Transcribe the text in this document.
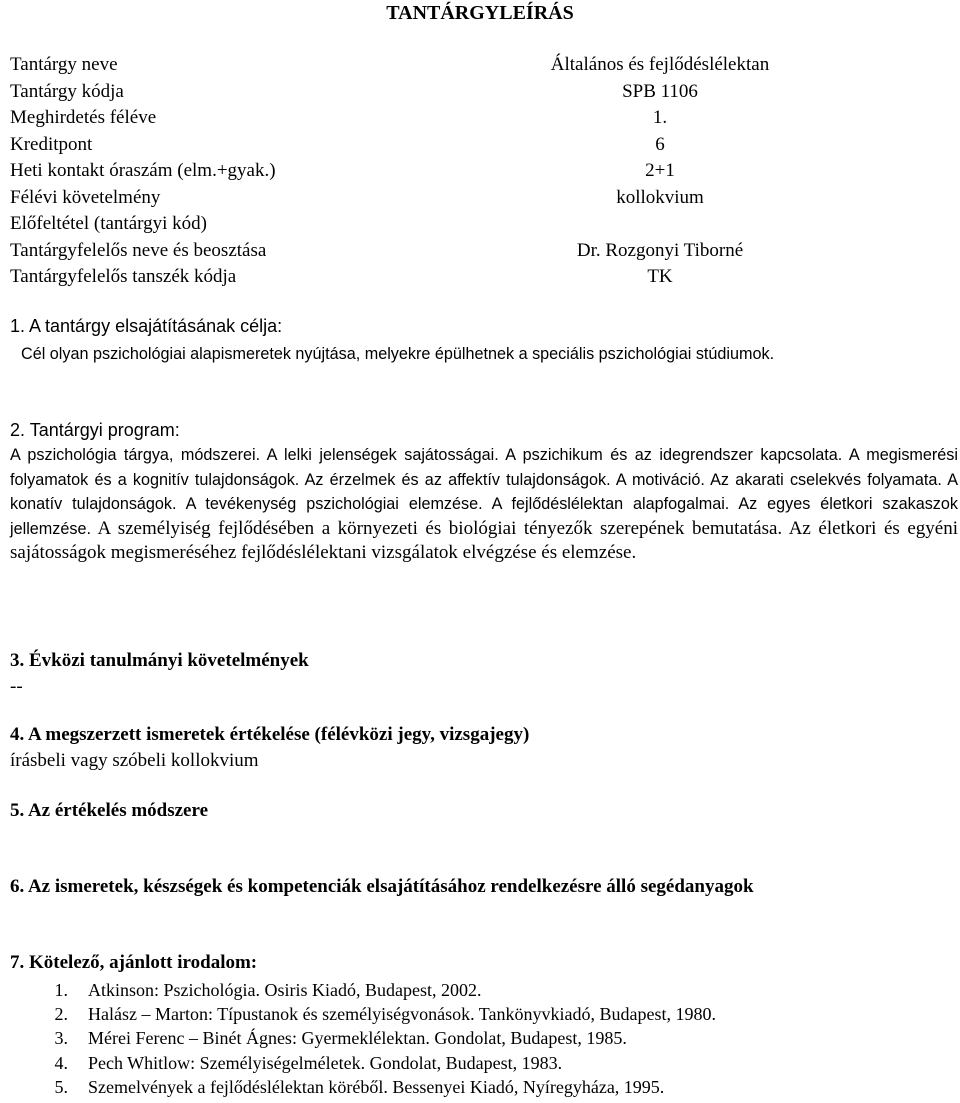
TANTÁRGYLEÍRÁS
Tantárgy neve	Általános és fejlődéslélektan
Tantárgy kódja	SPB 1106
Meghirdetés féléve	1.
Kreditpont	6
Heti kontakt óraszám (elm.+gyak.)	2+1
Félévi követelmény	kollokvium
Előfeltétel (tantárgyi kód)
Tantárgyfelelős neve és beosztása	Dr. Rozgonyi Tiborné
Tantárgyfelelős tanszék kódja	TK
1. A tantárgy elsajátításának célja:
Cél olyan pszichológiai alapismeretek nyújtása, melyekre épülhetnek a speciális pszichológiai stúdiumok.
2. Tantárgyi program:
A pszichológia tárgya, módszerei. A lelki jelenségek sajátosságai. A pszichikum és az idegrendszer kapcsolata. A megismerési folyamatok és a kognitív tulajdonságok. Az érzelmek és az affektív tulajdonságok. A motiváció. Az akarati cselekvés folyamata. A konatív tulajdonságok. A tevékenység pszichológiai elemzése. A fejlődéslélektan alapfogalmai. Az egyes életkori szakaszok jellemzése. A személyiség fejlődésében a környezeti és biológiai tényezők szerepének bemutatása. Az életkori és egyéni sajátosságok megismeréséhez fejlődéslélektani vizsgálatok elvégzése és elemzése.
3. Évközi tanulmányi követelmények
--
4. A megszerzett ismeretek értékelése (félévközi jegy, vizsgajegy)
írásbeli vagy szóbeli kollokvium
5. Az értékelés módszere
6. Az ismeretek, készségek és kompetenciák elsajátításához rendelkezésre álló segédanyagok
7. Kötelező, ajánlott irodalom:
1. Atkinson: Pszichológia. Osiris Kiadó, Budapest, 2002.
2. Halász – Marton: Típustanok és személyiségvonások. Tankönyvkiadó, Budapest, 1980.
3. Mérei Ferenc – Binét Ágnes: Gyermeklélektan. Gondolat, Budapest, 1985.
4. Pech Whitlow: Személyiségelméletek. Gondolat, Budapest, 1983.
5. Szemelvények a fejlődéslélektan köréből. Bessenyei Kiadó, Nyíregyháza, 1995.
